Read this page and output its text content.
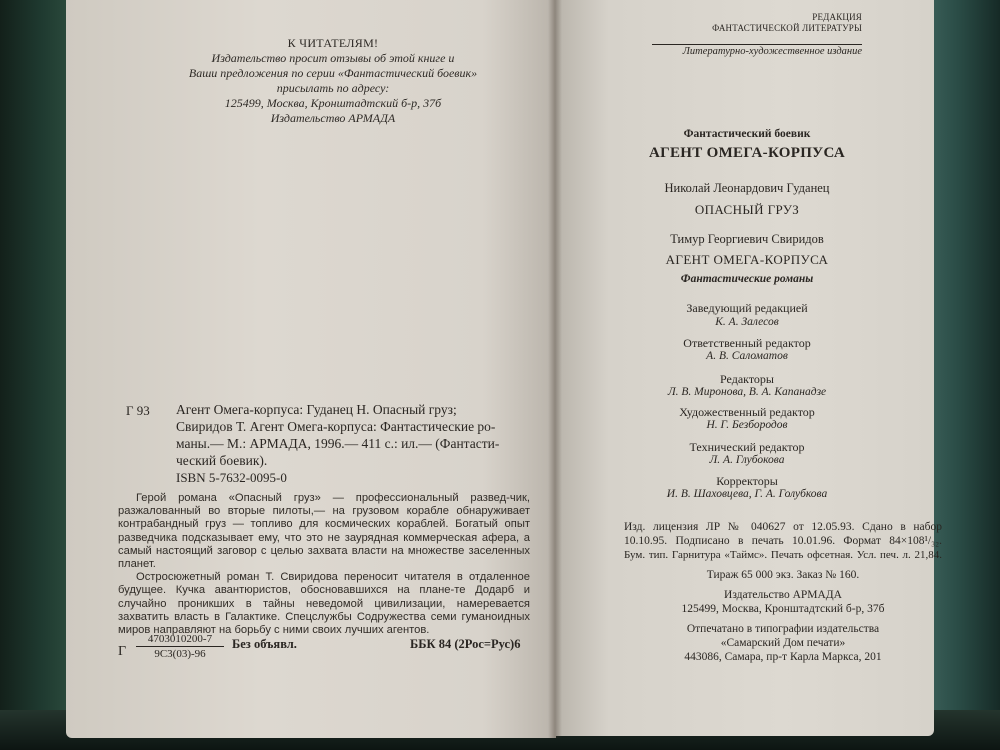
К ЧИТАТЕЛЯМ!
Издательство просит отзывы об этой книге и
Ваши предложения по серии «Фантастический боевик»
присылать по адресу:
125499, Москва, Кронштадтский б-р, 37б
Издательство АРМАДА
Г 93 Агент Омега-корпуса: Гуданец Н. Опасный груз;
Свиридов Т. Агент Омега-корпуса: Фантастические ро-
маны.— М.: АРМАДА, 1996.— 411 с.: ил.— (Фантасти-
ческий боевик).
ISBN 5-7632-0095-0

Герой романа «Опасный груз» — профессиональный развед-чик, разжалованный во вторые пилоты,— на грузовом корабле обнаруживает контрабандный груз — топливо для космических кораблей. Богатый опыт разведчика подсказывает ему, что это не заурядная коммерческая афера, а самый настоящий заговор с целью захвата власти на множестве заселенных планет.

Остросюжетный роман Т. Свиридова переносит читателя в отдаленное будущее. Кучка авантюристов, обосновавшихся на плане-те Додарб и случайно проникших в тайны неведомой цивилизации, намеревается захватить власть в Галактике. Спецслужбы Содружества семи гуманоидных миров направляют на борьбу с ними своих лучших агентов.

Г
4703010200-7
9С3(03)-96
Без объявл.	ББК 84 (2Рос=Рус)6
РЕДАКЦИЯ
ФАНТАСТИЧЕСКОЙ ЛИТЕРАТУРЫ
Литературно-художественное издание
Фантастический боевик
АГЕНТ ОМЕГА-КОРПУСА
Николай Леонардович Гуданец
ОПАСНЫЙ ГРУЗ
Тимур Георгиевич Свиридов
АГЕНТ ОМЕГА-КОРПУСА
Фантастические романы
Заведующий редакцией
К. А. Залесов
Ответственный редактор
А. В. Саломатов
Редакторы
Л. В. Миронова, В. А. Капанадзе
Художественный редактор
Н. Г. Безбородов
Технический редактор
Л. А. Глубокова
Корректоры
И. В. Шаховцева, Г. А. Голубкова
Изд. лицензия ЛР № 040627 от 12.05.93. Сдано в набор
10.10.95. Подписано в печать 10.01.96. Формат 84×108¹/₃₂.
Бум. тип. Гарнитура «Таймс». Печать офсетная. Усл. печ. л. 21,84.
Тираж 65 000 экз. Заказ № 160.
Издательство АРМАДА
125499, Москва, Кронштадтский б-р, 37б
Отпечатано в типографии издательства
«Самарский Дом печати»
443086, Самара, пр-т Карла Маркса, 201
